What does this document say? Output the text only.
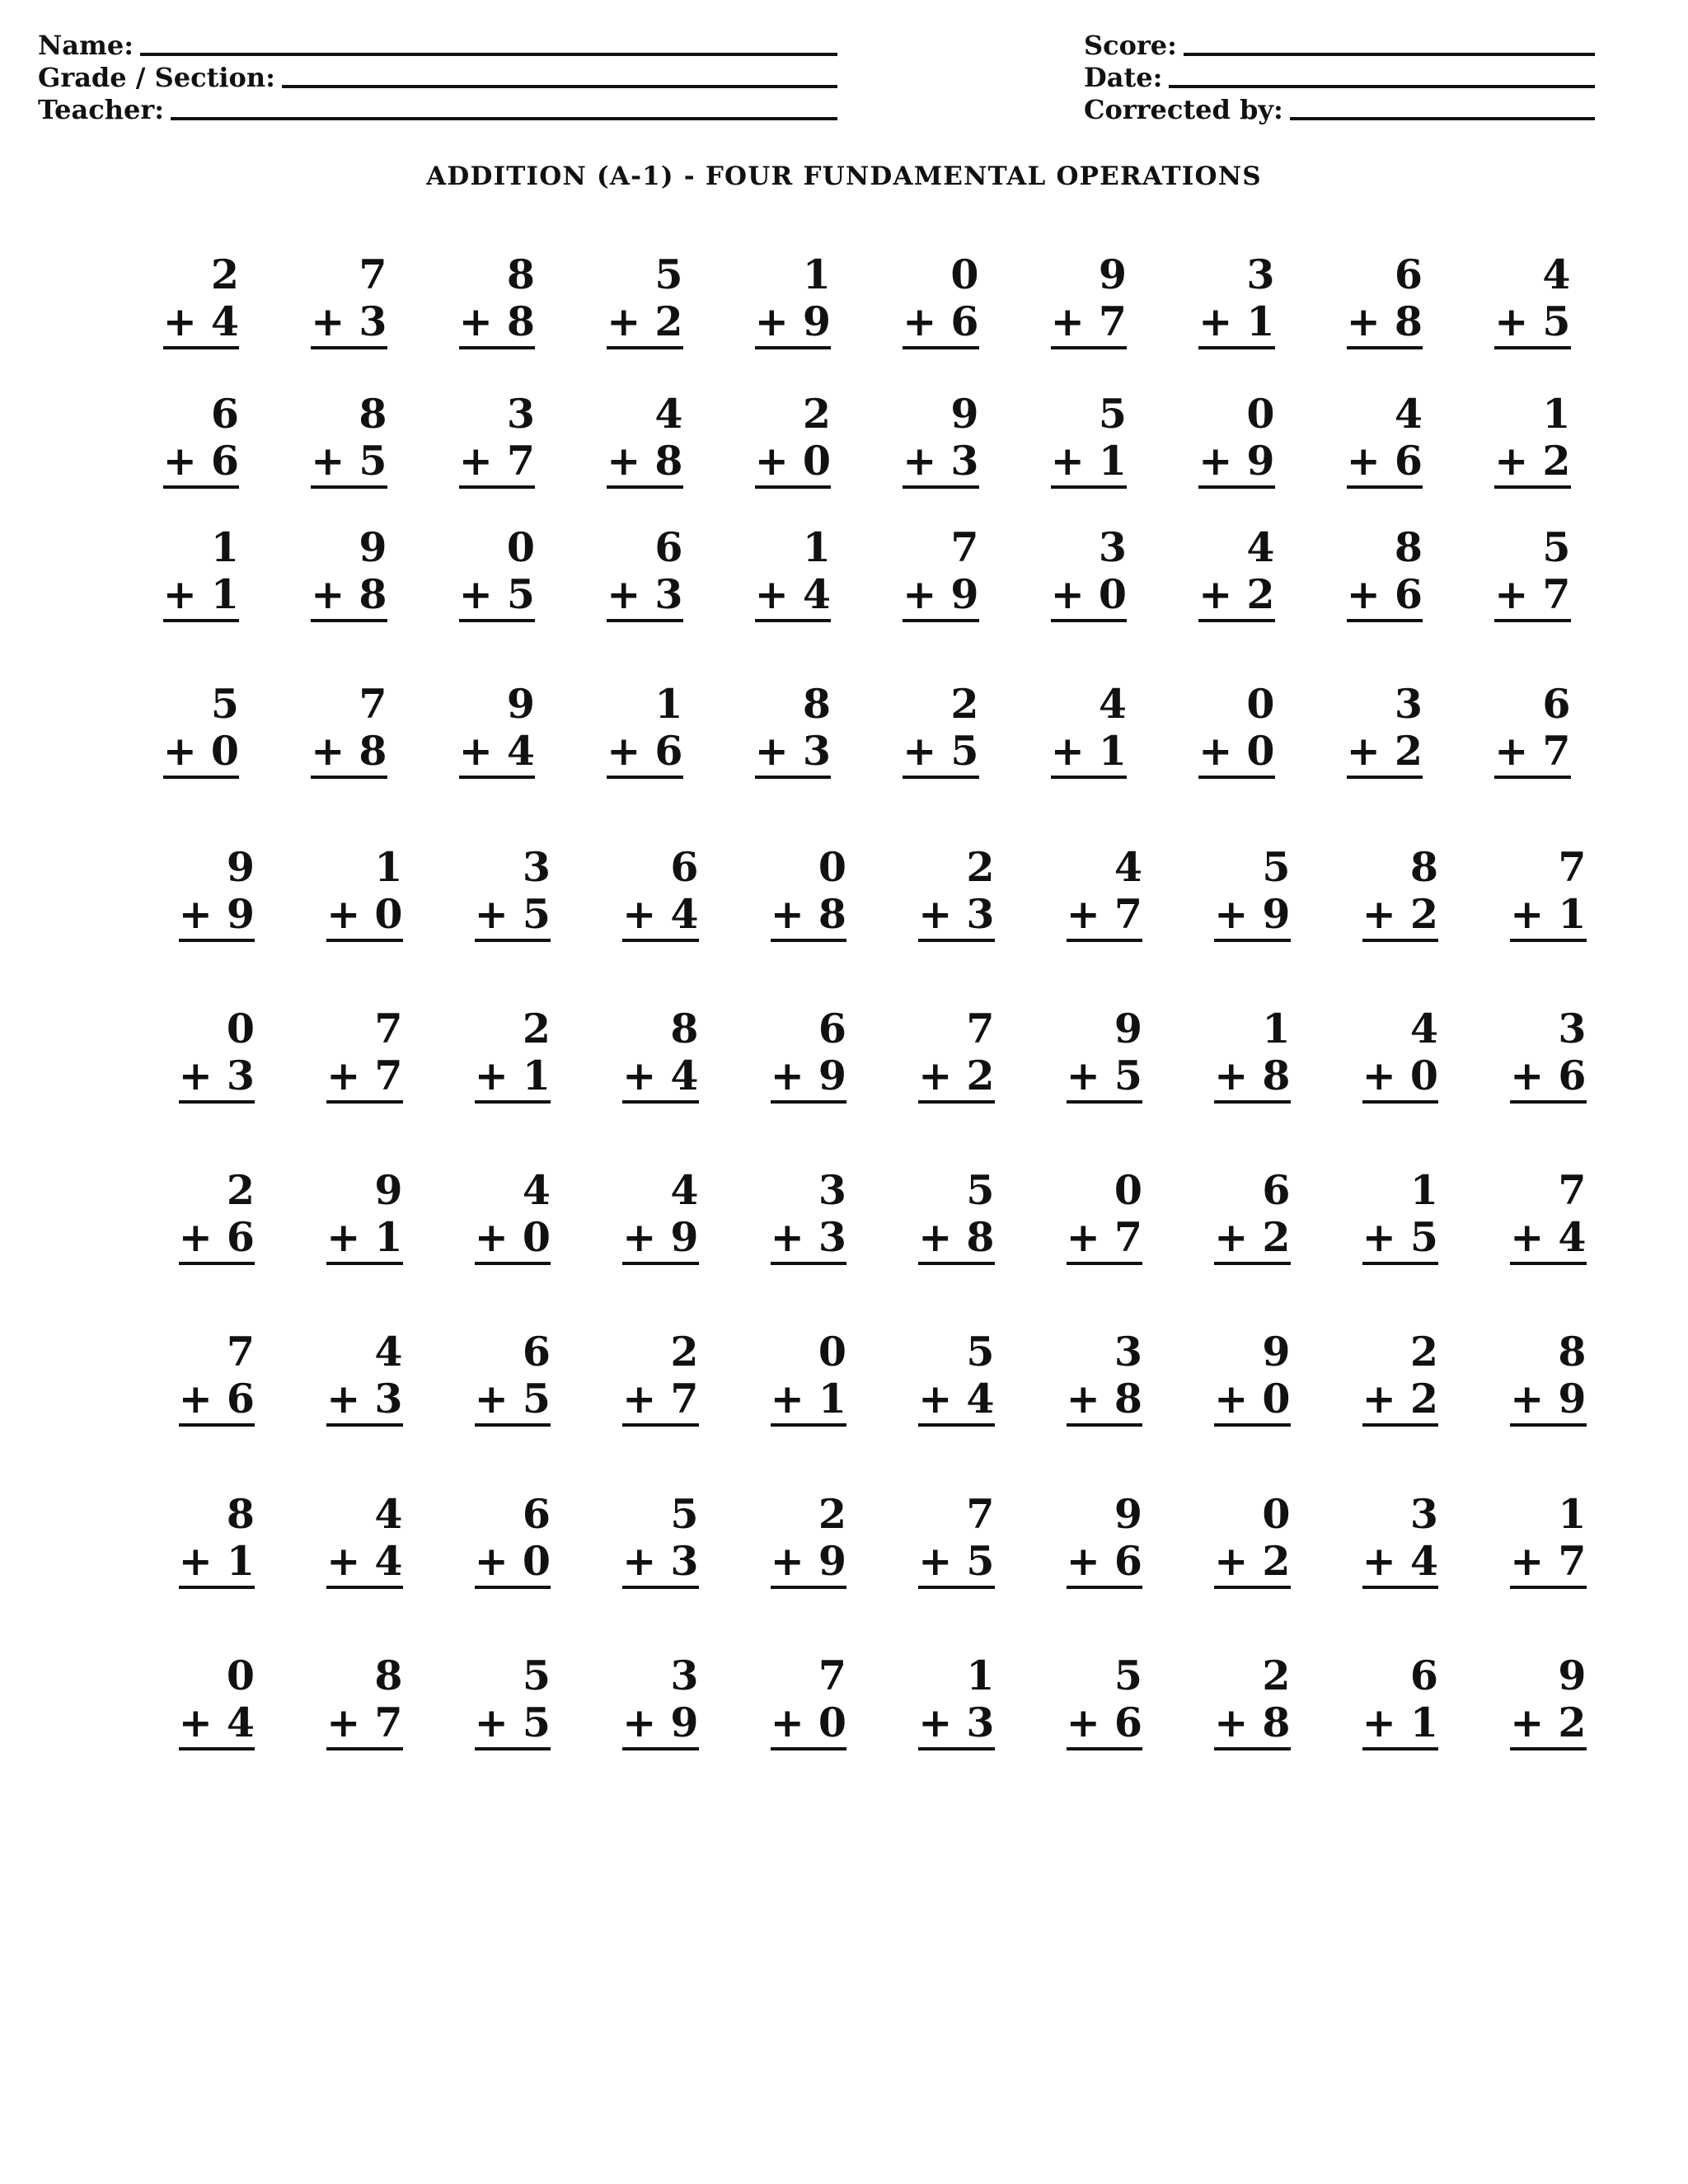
Name:
Grade / Section:
Teacher:
Score:
Date:
Corrected by:
ADDITION (A-1) - FOUR FUNDAMENTAL OPERATIONS
2
+ 4
7
+ 3
8
+ 8
5
+ 2
1
+ 9
0
+ 6
9
+ 7
3
+ 1
6
+ 8
4
+ 5
6
+ 6
8
+ 5
3
+ 7
4
+ 8
2
+ 0
9
+ 3
5
+ 1
0
+ 9
4
+ 6
1
+ 2
1
+ 1
9
+ 8
0
+ 5
6
+ 3
1
+ 4
7
+ 9
3
+ 0
4
+ 2
8
+ 6
5
+ 7
5
+ 0
7
+ 8
9
+ 4
1
+ 6
8
+ 3
2
+ 5
4
+ 1
0
+ 0
3
+ 2
6
+ 7
9
+ 9
1
+ 0
3
+ 5
6
+ 4
0
+ 8
2
+ 3
4
+ 7
5
+ 9
8
+ 2
7
+ 1
0
+ 3
7
+ 7
2
+ 1
8
+ 4
6
+ 9
7
+ 2
9
+ 5
1
+ 8
4
+ 0
3
+ 6
2
+ 6
9
+ 1
4
+ 0
4
+ 9
3
+ 3
5
+ 8
0
+ 7
6
+ 2
1
+ 5
7
+ 4
7
+ 6
4
+ 3
6
+ 5
2
+ 7
0
+ 1
5
+ 4
3
+ 8
9
+ 0
2
+ 2
8
+ 9
8
+ 1
4
+ 4
6
+ 0
5
+ 3
2
+ 9
7
+ 5
9
+ 6
0
+ 2
3
+ 4
1
+ 7
0
+ 4
8
+ 7
5
+ 5
3
+ 9
7
+ 0
1
+ 3
5
+ 6
2
+ 8
6
+ 1
9
+ 2
